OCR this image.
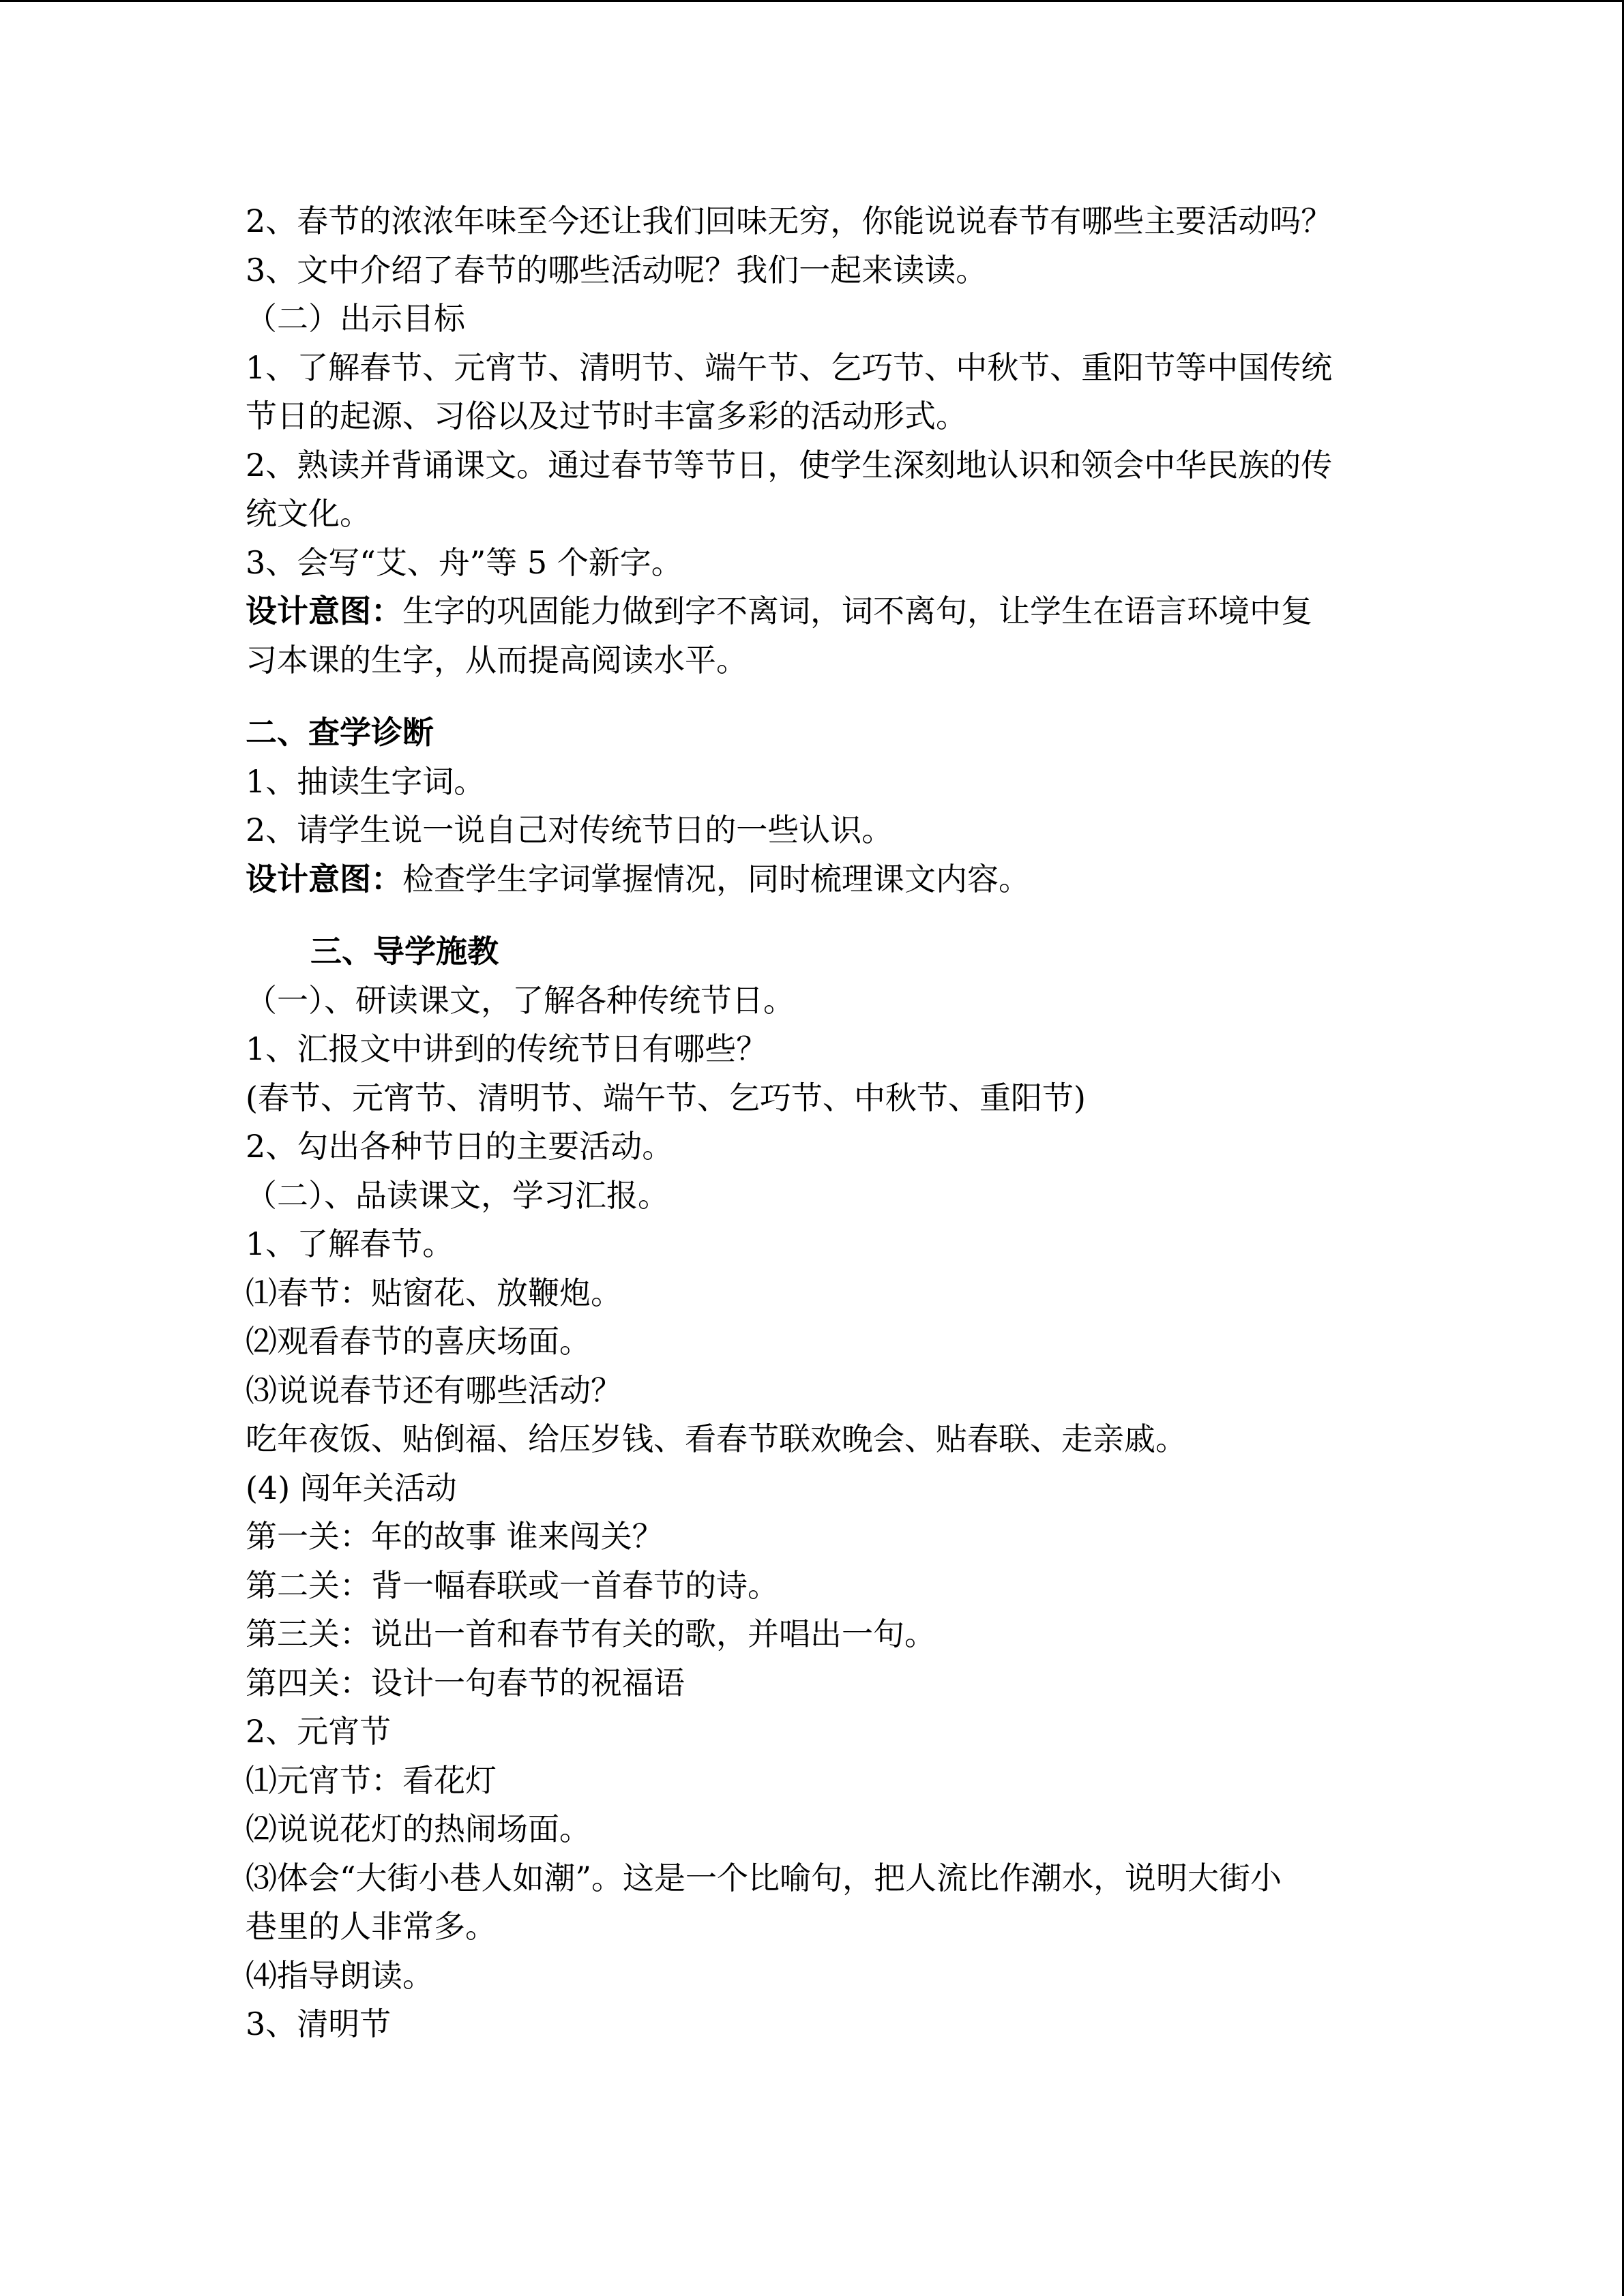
2、春节的浓浓年味至今还让我们回味无穷，你能说说春节有哪些主要活动吗？
3、文中介绍了春节的哪些活动呢？我们一起来读读。
（二）出示目标
1、了解春节、元宵节、清明节、端午节、乞巧节、中秋节、重阳节等中国传统
节日的起源、习俗以及过节时丰富多彩的活动形式。
2、熟读并背诵课文。通过春节等节日，使学生深刻地认识和领会中华民族的传
统文化。
3、会写“艾、舟”等 5 个新字。
设计意图：生字的巩固能力做到字不离词，词不离句，让学生在语言环境中复
习本课的生字，从而提高阅读水平。
二、查学诊断
1、抽读生字词。
2、请学生说一说自己对传统节日的一些认识。
设计意图：检查学生字词掌握情况，同时梳理课文内容。
三、导学施教
（一）、研读课文，了解各种传统节日。
1、汇报文中讲到的传统节日有哪些？
(春节、元宵节、清明节、端午节、乞巧节、中秋节、重阳节)
2、勾出各种节日的主要活动。
（二）、品读课文，学习汇报。
1、了解春节。
⑴春节：贴窗花、放鞭炮。
⑵观看春节的喜庆场面。
⑶说说春节还有哪些活动？
吃年夜饭、贴倒福、给压岁钱、看春节联欢晚会、贴春联、走亲戚。
(4) 闯年关活动
第一关：年的故事 谁来闯关？
第二关：背一幅春联或一首春节的诗。
第三关：说出一首和春节有关的歌，并唱出一句。
第四关：设计一句春节的祝福语
2、元宵节
⑴元宵节：看花灯
⑵说说花灯的热闹场面。
⑶体会“大街小巷人如潮”。这是一个比喻句，把人流比作潮水，说明大街小
巷里的人非常多。
⑷指导朗读。
3、清明节
